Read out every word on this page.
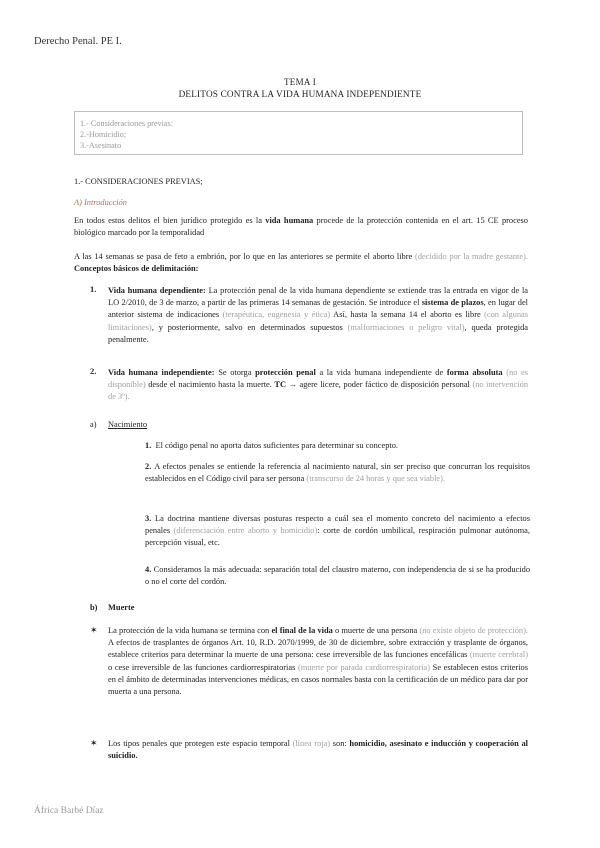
Derecho Penal. PE I.
TEMA I
DELITOS CONTRA LA VIDA HUMANA INDEPENDIENTE
1.- Consideraciones previas:
2.-Homicidio;
3.-Asesinato
1.- CONSIDERACIONES PREVIAS;
A) Introducción
En todos estos delitos el bien jurídico protegido es la vida humana procede de la protección contenida en el art. 15 CE proceso biológico marcado por la temporalidad
A las 14 semanas se pasa de feto a embrión, por lo que en las anteriores se permite el aborto libre (decidido por la madre gestante). Conceptos básicos de delimitación:
1. Vida humana dependiente: La protección penal de la vida humana dependiente se extiende tras la entrada en vigor de la LO 2/2010, de 3 de marzo, a partir de las primeras 14 semanas de gestación. Se introduce el sistema de plazos, en lugar del anterior sistema de indicaciones (terapéutica, eugenesia y ética) Así, hasta la semana 14 el aborto es libre (con algunas limitaciones), y posteriormente, salvo en determinados supuestos (malformaciones o peligro vital), queda protegida penalmente.
2. Vida humana independiente: Se otorga protección penal a la vida humana independiente de forma absoluta (no es disponible) desde el nacimiento hasta la muerte. TC → agere licere, poder fáctico de disposición personal (no intervención de 3º).
a) Nacimiento
1. El código penal no aporta datos suficientes para determinar su concepto.
2. A efectos penales se entiende la referencia al nacimiento natural, sin ser preciso que concurran los requisitos establecidos en el Código civil para ser persona (transcurso de 24 horas y que sea viable).
3. La doctrina mantiene diversas posturas respecto a cuál sea el momento concreto del nacimiento a efectos penales (diferenciación entre aborto y homicidio): corte de cordón umbilical, respiración pulmonar autónoma, percepción visual, etc.
4. Consideramos la más adecuada: separación total del claustro materno, con independencia de si se ha producido o no el corte del cordón.
b) Muerte
✶ La protección de la vida humana se termina con el final de la vida o muerte de una persona (no existe objeto de protección). A efectos de trasplantes de órganos Art. 10, R.D. 2070/1999, de 30 de diciembre, sobre extracción y trasplante de órganos, establece criterios para determinar la muerte de una persona: cese irreversible de las funciones encefálicas (muerte cerebral) o cese irreversible de las funciones cardiorrespiratorias (muerte por parada cardiorrespiratoria) Se establecen estos criterios en el ámbito de determinadas intervenciones médicas, en casos normales basta con la certificación de un médico para dar por muerta a una persona.
✶ Los tipos penales que protegen este espacio temporal (línea roja) son: homicidio, asesinato e inducción y cooperación al suicidio.
África Barbé Díaz
